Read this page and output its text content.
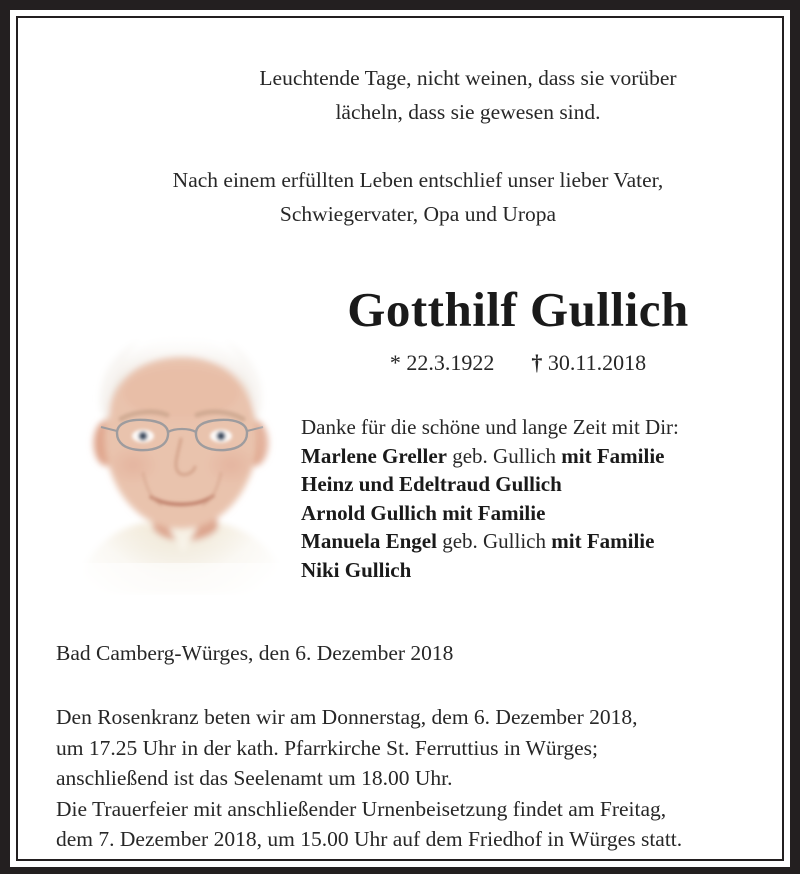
Leuchtende Tage, nicht weinen, dass sie vorüber
lächeln, dass sie gewesen sind.
Nach einem erfüllten Leben entschlief unser lieber Vater,
Schwiegervater, Opa und Uropa
Gotthilf Gullich
* 22.3.1922 † 30.11.2018
Danke für die schöne und lange Zeit mit Dir:
Marlene Greller geb. Gullich mit Familie
Heinz und Edeltraud Gullich
Arnold Gullich mit Familie
Manuela Engel geb. Gullich mit Familie
Niki Gullich
Bad Camberg-Würges, den 6. Dezember 2018
Den Rosenkranz beten wir am Donnerstag, dem 6. Dezember 2018,
um 17.25 Uhr in der kath. Pfarrkirche St. Ferruttius in Würges;
anschließend ist das Seelenamt um 18.00 Uhr.
Die Trauerfeier mit anschließender Urnenbeisetzung findet am Freitag,
dem 7. Dezember 2018, um 15.00 Uhr auf dem Friedhof in Würges statt.
